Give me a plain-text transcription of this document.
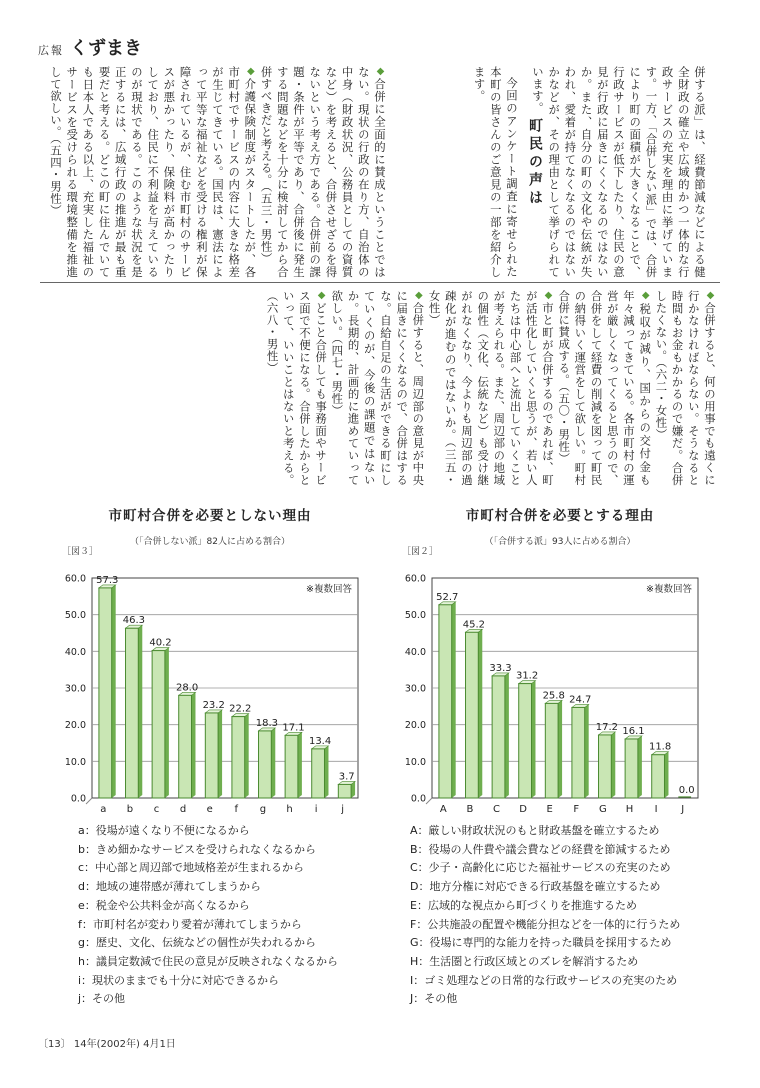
広報 くずまき
併する派」は、経費節減などによる健全財政の確立や広域的かつ一体的な行政サービスの充実を理由に挙げています。一方、「合併しない派」では、合併により町の面積が大きくなることで、行政サービスが低下したり、住民の意見が行政に届きにくくなるのではないか。また、自分の町の文化や伝統が失われ、愛着が持てなくなるのではないかなどが、その理由として挙げられています。
町民の声は
今回のアンケート調査に寄せられた本町の皆さんのご意見の一部を紹介します。
◆ 合併に全面的に賛成ということではない。現状の行政の在り方、自治体の中身（財政状況、公務員としての資質など）を考えると、合併させざるを得ないという考え方である。合併前の課題・条件が平等であり、合併後に発生する問題などを十分に検討してから合併すべきだと考える。（五三・男性）
◆ 介護保険制度がスタートしたが、各市町村でサービスの内容に大きな格差が生じてきている。国民は、憲法によって平等な福祉などを受ける権利が保障されているが、住む市町村のサービスが悪かったり、保険料が高かったりしており、住民に不利益を与えているのが現状である。このような状況を是正するには、広域行政の推進が最も重要だと考える。どこの町に住んでいても日本人である以上、充実した福祉のサービスを受けられる環境整備を推進して欲しい。（五四・男性）
◆ 合併すると、何の用事でも遠くに行かなければならない。そうなると時間もお金もかかるので嫌だ。合併したくない。（六二・女性）
◆ 税収が減り、国からの交付金も年々減ってきている。各市町村の運営が厳しくなってくると思うので、合併をして経費の削減を図って町民の納得いく運営をして欲しい。町村合併に賛成する。（五〇・男性）
◆ 市と町が合併するのであれば、町が活性化していくと思うが、若い人たちは中心部へと流出していくことが考えられる。また、周辺部の地域の個性（文化、伝統など）も受け継がれなくなり、今よりも周辺部の過疎化が進むのではないか。（三五・女性）
◆ 合併すると、周辺部の意見が中央に届きにくくなるので、合併はするな。自給自足の生活ができる町にしていくのが、今後の課題ではないか。長期的、計画的に進めていって欲しい。（四七・男性）
◆ どこと合併しても事務面やサービス面で不便になる。合併したからといって、いいことはないと考える。（六八・男性）
市町村合併を必要としない理由
（「合併しない派」82人に占める割合）
［図３］
0.0
10.0
20.0
30.0
40.0
50.0
60.0
※複数回答
57.3
a
46.3
b
40.2
c
28.0
d
23.2
e
22.2
f
18.3
g
17.1
h
13.4
i
3.7
j
市町村合併を必要とする理由
（「合併する派」93人に占める割合）
［図２］
0.0
10.0
20.0
30.0
40.0
50.0
60.0
※複数回答
52.7
A
45.2
B
33.3
C
31.2
D
25.8
E
24.7
F
17.2
G
16.1
H
11.8
I
0.0
J
a：役場が遠くなり不便になるから
b：きめ細かなサービスを受けられなくなるから
c：中心部と周辺部で地域格差が生まれるから
d：地域の連帯感が薄れてしまうから
e：税金や公共料金が高くなるから
f：市町村名が変わり愛着が薄れてしまうから
g：歴史、文化、伝統などの個性が失われるから
h：議員定数減で住民の意見が反映されなくなるから
i：現状のままでも十分に対応できるから
j：その他
A：厳しい財政状況のもと財政基盤を確立するため
B：役場の人件費や議会費などの経費を節減するため
C：少子・高齢化に応じた福祉サービスの充実のため
D：地方分権に対応できる行政基盤を確立するため
E：広域的な視点から町づくりを推進するため
F：公共施設の配置や機能分担などを一体的に行うため
G：役場に専門的な能力を持った職員を採用するため
H：生活圏と行政区域とのズレを解消するため
I：ゴミ処理などの日常的な行政サービスの充実のため
J：その他
〔13〕 14年(2002年) 4月1日
